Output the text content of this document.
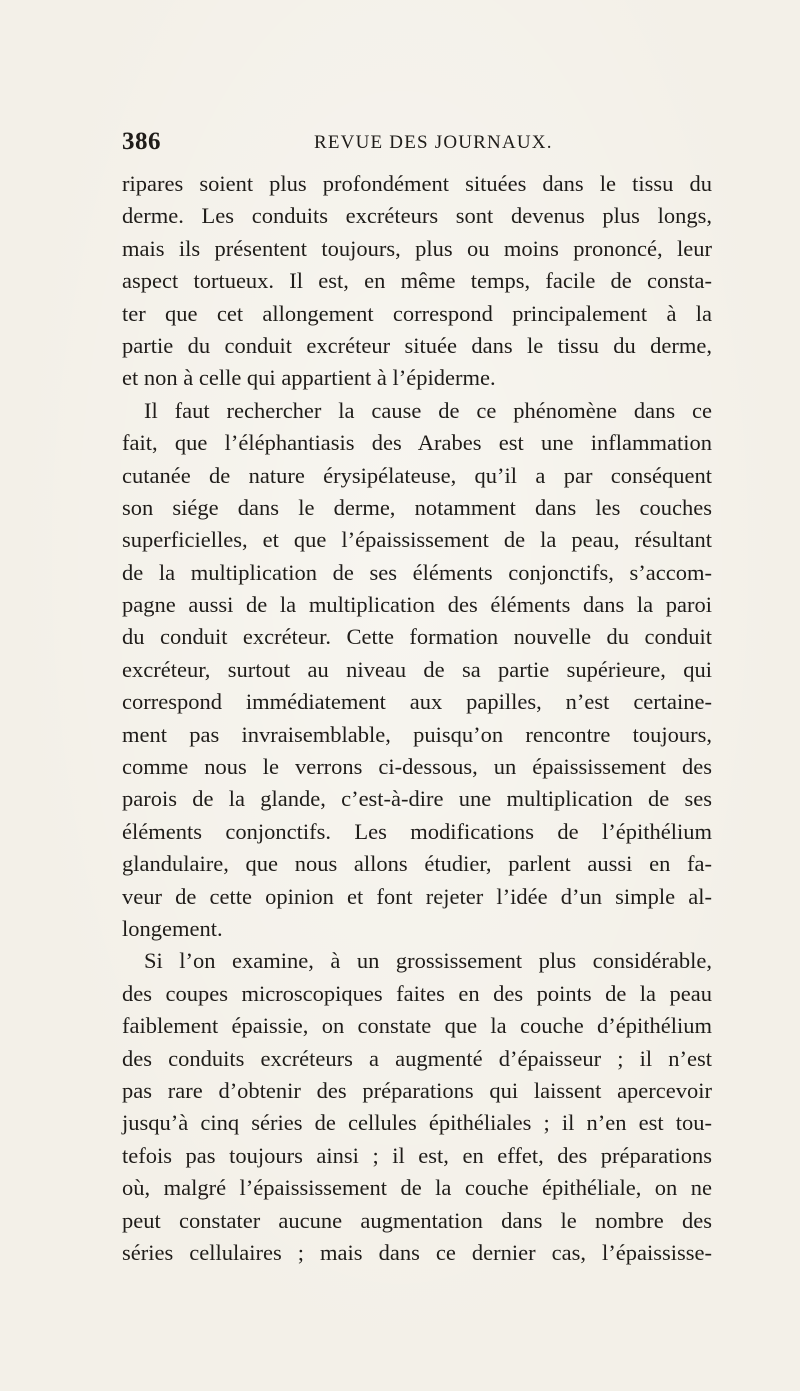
386	REVUE DES JOURNAUX.
ripares soient plus profondément situées dans le tissu du
derme. Les conduits excréteurs sont devenus plus longs,
mais ils présentent toujours, plus ou moins prononcé, leur
aspect tortueux. Il est, en même temps, facile de consta-
ter que cet allongement correspond principalement à la
partie du conduit excréteur située dans le tissu du derme,
et non à celle qui appartient à l’épiderme.
Il faut rechercher la cause de ce phénomène dans ce
fait, que l’éléphantiasis des Arabes est une inflammation
cutanée de nature érysipélateuse, qu’il a par conséquent
son siége dans le derme, notamment dans les couches
superficielles, et que l’épaississement de la peau, résultant
de la multiplication de ses éléments conjonctifs, s’accom-
pagne aussi de la multiplication des éléments dans la paroi
du conduit excréteur. Cette formation nouvelle du conduit
excréteur, surtout au niveau de sa partie supérieure, qui
correspond immédiatement aux papilles, n’est certaine-
ment pas invraisemblable, puisqu’on rencontre toujours,
comme nous le verrons ci-dessous, un épaississement des
parois de la glande, c’est-à-dire une multiplication de ses
éléments conjonctifs. Les modifications de l’épithélium
glandulaire, que nous allons étudier, parlent aussi en fa-
veur de cette opinion et font rejeter l’idée d’un simple al-
longement.
Si l’on examine, à un grossissement plus considérable,
des coupes microscopiques faites en des points de la peau
faiblement épaissie, on constate que la couche d’épithélium
des conduits excréteurs a augmenté d’épaisseur ; il n’est
pas rare d’obtenir des préparations qui laissent apercevoir
jusqu’à cinq séries de cellules épithéliales ; il n’en est tou-
tefois pas toujours ainsi ; il est, en effet, des préparations
où, malgré l’épaississement de la couche épithéliale, on ne
peut constater aucune augmentation dans le nombre des
séries cellulaires ; mais dans ce dernier cas, l’épaississe-
